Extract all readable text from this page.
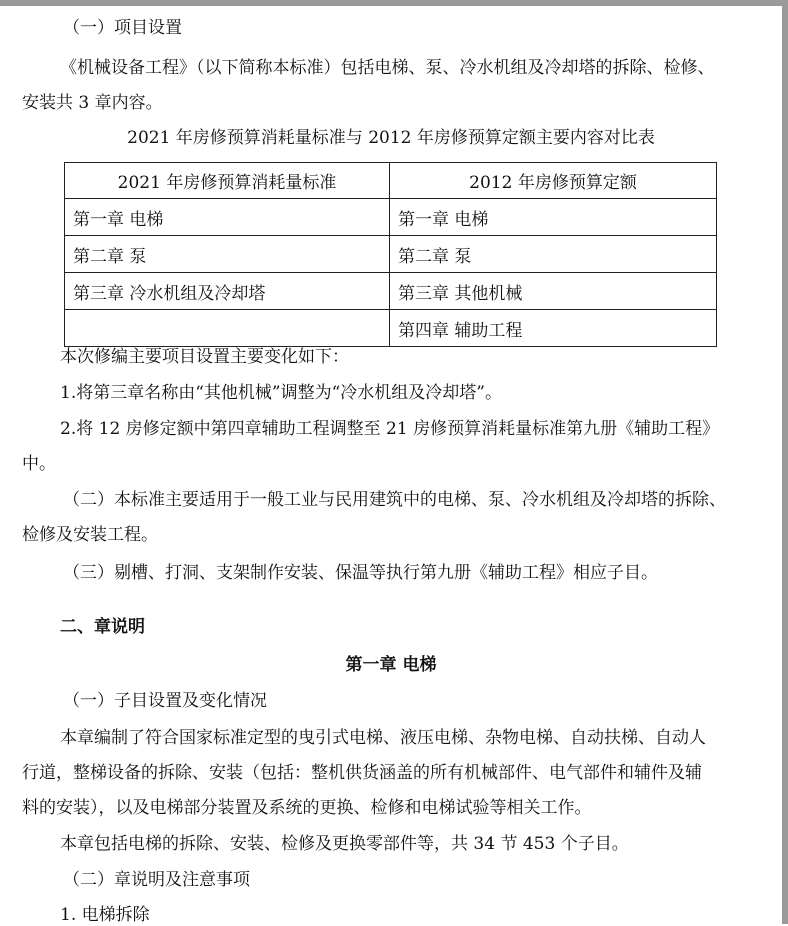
（一）项目设置
《机械设备工程》（以下简称本标准）包括电梯、泵、冷水机组及冷却塔的拆除、检修、
安装共 3 章内容。
2021 年房修预算消耗量标准与 2012 年房修预算定额主要内容对比表
2021 年房修预算消耗量标准	2012 年房修预算定额
第一章 电梯	第一章 电梯
第二章 泵	第二章 泵
第三章 冷水机组及冷却塔	第三章 其他机械
	第四章 辅助工程
本次修编主要项目设置主要变化如下：
1.将第三章名称由“其他机械”调整为“冷水机组及冷却塔”。
2.将 12 房修定额中第四章辅助工程调整至 21 房修预算消耗量标准第九册《辅助工程》
中。
（二）本标准主要适用于一般工业与民用建筑中的电梯、泵、冷水机组及冷却塔的拆除、
检修及安装工程。
（三）剔槽、打洞、支架制作安装、保温等执行第九册《辅助工程》相应子目。
二、章说明
第一章 电梯
（一）子目设置及变化情况
本章编制了符合国家标准定型的曳引式电梯、液压电梯、杂物电梯、自动扶梯、自动人
行道，整梯设备的拆除、安装（包括：整机供货涵盖的所有机械部件、电气部件和辅件及辅
料的安装），以及电梯部分装置及系统的更换、检修和电梯试验等相关工作。
本章包括电梯的拆除、安装、检修及更换零部件等，共 34 节 453 个子目。
（二）章说明及注意事项
1. 电梯拆除
